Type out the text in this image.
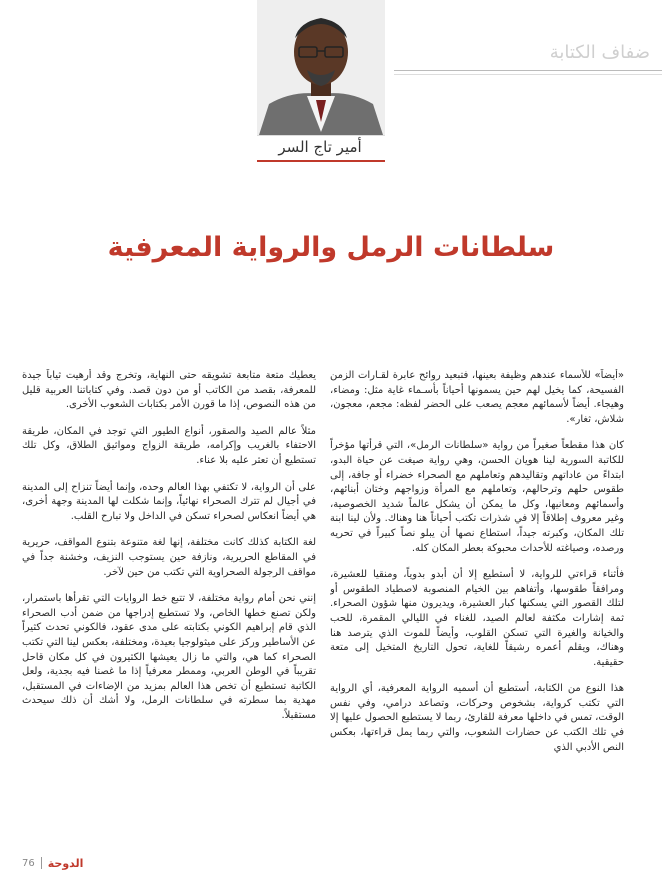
أمير تاج السر
ضفاف الكتابة
سلطانات الرمل والرواية المعرفية

«أيضاً» للأسماء عندهم وظيفة بعينها، فتبعيد روائح عابرة لقـارات الزمن الفسيحة، كما يخيل لهم حين يسمونها أحياناً بأسـماء غاية مثل: ومضاء، وهيجاء. أيضاً لأسمائهم معجم يصعب على الحضر لفظه: مجعم، معجون، شلاش، ثغار».

كان هذا مقطعاً صغيراً من رواية «سلطانات الرمل»، التي قرأتها مؤخراً للكاتبة السورية لينا هويان الحسن، وهي رواية صيغت عن حياة البدو، ابتداءً من عاداتهم وتقاليدهم وتعاملهم مع الصحراء خضراء أو جافة، إلى طقوس حلهم وترحالهم، وتعاملهم مع المرأة وزواجهم وختان أبنائهم، وأسمائهم ومعانيها، وكل ما يمكن أن يشكل عالماً شديد الخصوصية، وغير معروف إطلاقاً إلا في شذرات تكتب أحياناً هنا وهناك. ولأن لينا ابنة تلك المكان، وكبرته جيداً، استطاع نصها أن يبلو نصاً كبيراً في تحريه ورصده، وصياغته للأحداث محبوكة بعطر المكان كله.

فأثناء قراءتي للرواية، لا أستطيع إلا أن أبدو بدوياً، ومنقيا للعشيرة، ومرافقاً طقوسها، وأتفاهم بين الخيام المنصوبة لاصطياد الطقوس أو لتلك القصور التي يسكنها كبار العشيرة، ويديرون منها شؤون الصحراء. ثمة إشارات مكثفة لعالم الصيد، للغناء في الليالي المقمرة، للحب والخيانة والغيرة التي تسكن القلوب، وأيضاً للموت الذي يترصد هنا وهناك، ويقلم أعمره رشيقاً للغاية، تحول التاريخ المتخيل إلى متعة حقيقية.

هذا النوع من الكتابة، أستطيع أن أسميه الرواية المعرفية، أي الرواية التي تكتب كرواية، بشخوص وحركات، وتصاعد درامي، وفي نفس الوقت، تمس في داخلها معرفة للقارئ، ربما لا يستطيع الحصول عليها إلا في تلك الكتب عن حضارات الشعوب، والتي ربما يمل قراءتها، بعكس النص الأدبي الذي

يعطيك متعة متابعة تشويقه حتى النهاية، وتخرج وقد أرهيت ثياباً جيدة للمعرفة، بقصد من الكاتب أو من دون قصد. وفي كتاباتنا العربية قليل من هذه النصوص، إذا ما قورن الأمر بكتابات الشعوب الأخرى.

مثلاً عالم الصيد والصقور، أنواع الطيور التي توجد في المكان، طريقة الاحتفاء بالغريب وإكرامه، طريقة الزواج ومواثيق الطلاق، وكل تلك تستطيع أن تعثر عليه بلا عناء.

على أن الرواية، لا تكتفي بهذا العالم وحده، وإنما أيضاً تنزاح إلى المدينة في أجيال لم تترك الصحراء نهائياً، وإنما شكلت لها المدينة وجهة أخرى، هي أيضاً انعكاس لصحراء تسكن في الداخل ولا تبارح القلب.

لغة الكتابة كذلك كانت مختلفة، إنها لغة متنوعة بتنوع المواقف، حريرية في المقاطع الحريرية، ونازفة حين يستوجب النزيف، وخشنة جداً في مواقف الرجولة الصحراوية التي تكتب من حين لآخر.

إنني نحن أمام رواية مختلفة، لا تتبع خط الروايات التي تقرأها باستمرار، ولكن تصنع خطها الخاص، ولا تستطيع إدراجها من ضمن أدب الصحراء الذي قام إبراهيم الكوني بكتابته على مدى عقود، فالكوني تحدث كثيراً عن الأساطير وركز على ميثولوجيا بعيدة، ومختلفة، بعكس لينا التي تكتب الصحراء كما هي، والتي ما زال يعيشها الكثيرون في كل مكان قاحل تقريباً في الوطن العربي، وممطر معرفياً إذا ما غصنا فيه بجدية، ولعل الكاتبة تستطيع أن تخص هذا العالم بمزيد من الإضاءات في المستقبل، مهدية بما سطرته في سلطانات الرمل، ولا أشك أن ذلك سيحدث مستقبلاً.

76 الدوحة
